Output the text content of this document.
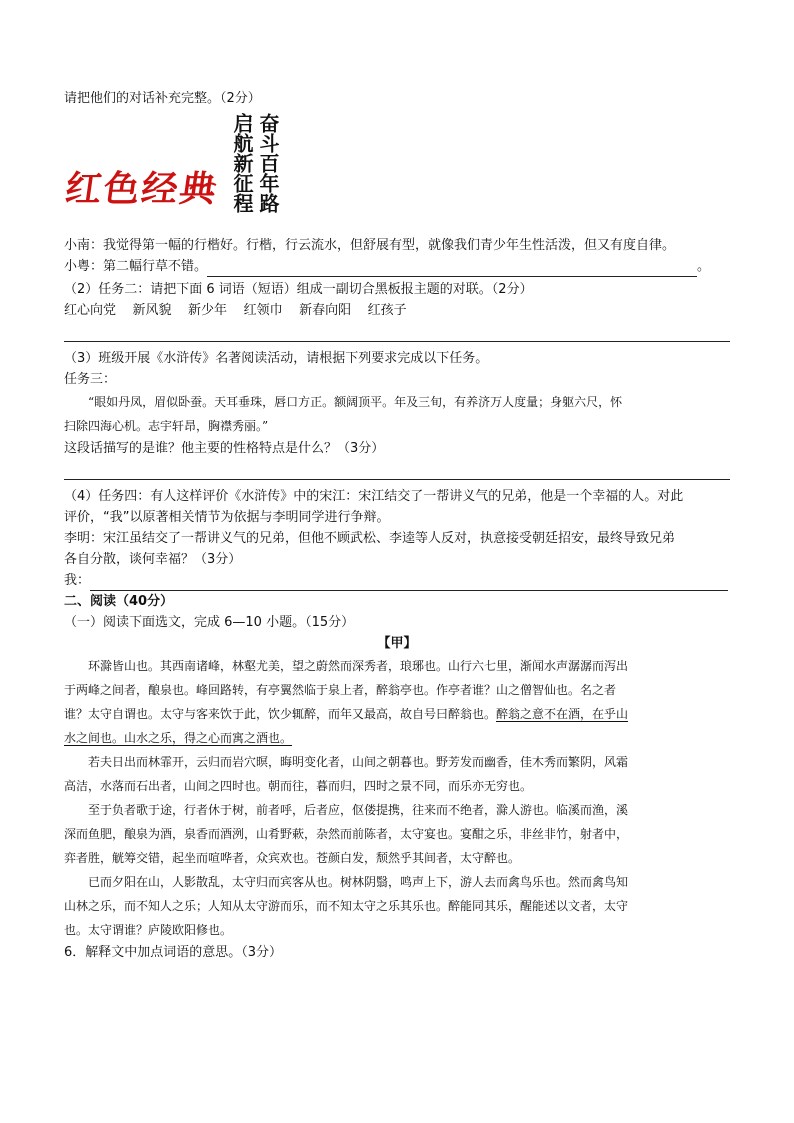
请把他们的对话补充完整。（2分）
红色经典 奋斗百年路
启航新征程
小南：我觉得第一幅的行楷好。行楷，行云流水，但舒展有型，就像我们青少年生性活泼，但又有度自律。
小粤：第二幅行草不错。	。
（2）任务二：请把下面 6 词语（短语）组成一副切合黑板报主题的对联。（2分）
红心向党    新风貌    新少年    红领巾    新春向阳    红孩子
（3）班级开展《水浒传》名著阅读活动，请根据下列要求完成以下任务。
任务三：
“眼如丹凤，眉似卧蚕。天耳垂珠，唇口方正。额阔顶平。年及三旬，有养济万人度量；身躯六尺，怀
扫除四海心机。志宇轩昂，胸襟秀丽。”
这段话描写的是谁？他主要的性格特点是什么？（3分）
（4）任务四：有人这样评价《水浒传》中的宋江：宋江结交了一帮讲义气的兄弟，他是一个幸福的人。对此
评价，“我”以原著相关情节为依据与李明同学进行争辩。
李明：宋江虽结交了一帮讲义气的兄弟，但他不顾武松、李逵等人反对，执意接受朝廷招安，最终导致兄弟
各自分散，谈何幸福？（3分）
我：
二、阅读（40分）
（一）阅读下面选文，完成 6—10 小题。（15分）
【甲】
环滁皆山也。其西南诸峰，林壑尤美，望之蔚然而深秀者，琅琊也。山行六七里，渐闻水声潺潺而泻出
于两峰之间者，酿泉也。峰回路转，有亭翼然临于泉上者，醉翁亭也。作亭者谁？山之僧智仙也。名之者
谁？太守自谓也。太守与客来饮于此，饮少辄醉，而年又最高，故自号曰醉翁也。醉翁之意不在酒，在乎山
水之间也。山水之乐，得之心而寓之酒也。
若夫日出而林霏开，云归而岩穴暝，晦明变化者，山间之朝暮也。野芳发而幽香，佳木秀而繁阴，风霜
高洁，水落而石出者，山间之四时也。朝而往，暮而归，四时之景不同，而乐亦无穷也。
至于负者歌于途，行者休于树，前者呼，后者应，伛偻提携，往来而不绝者，滁人游也。临溪而渔，溪
深而鱼肥，酿泉为酒，泉香而酒洌，山肴野蔌，杂然而前陈者，太守宴也。宴酣之乐，非丝非竹，射者中，
弈者胜，觥筹交错，起坐而喧哗者，众宾欢也。苍颜白发，颓然乎其间者，太守醉也。
已而夕阳在山，人影散乱，太守归而宾客从也。树林阴翳，鸣声上下，游人去而禽鸟乐也。然而禽鸟知
山林之乐，而不知人之乐；人知从太守游而乐，而不知太守之乐其乐也。醉能同其乐，醒能述以文者，太守
也。太守谓谁？庐陵欧阳修也。
6．解释文中加点词语的意思。（3分）
